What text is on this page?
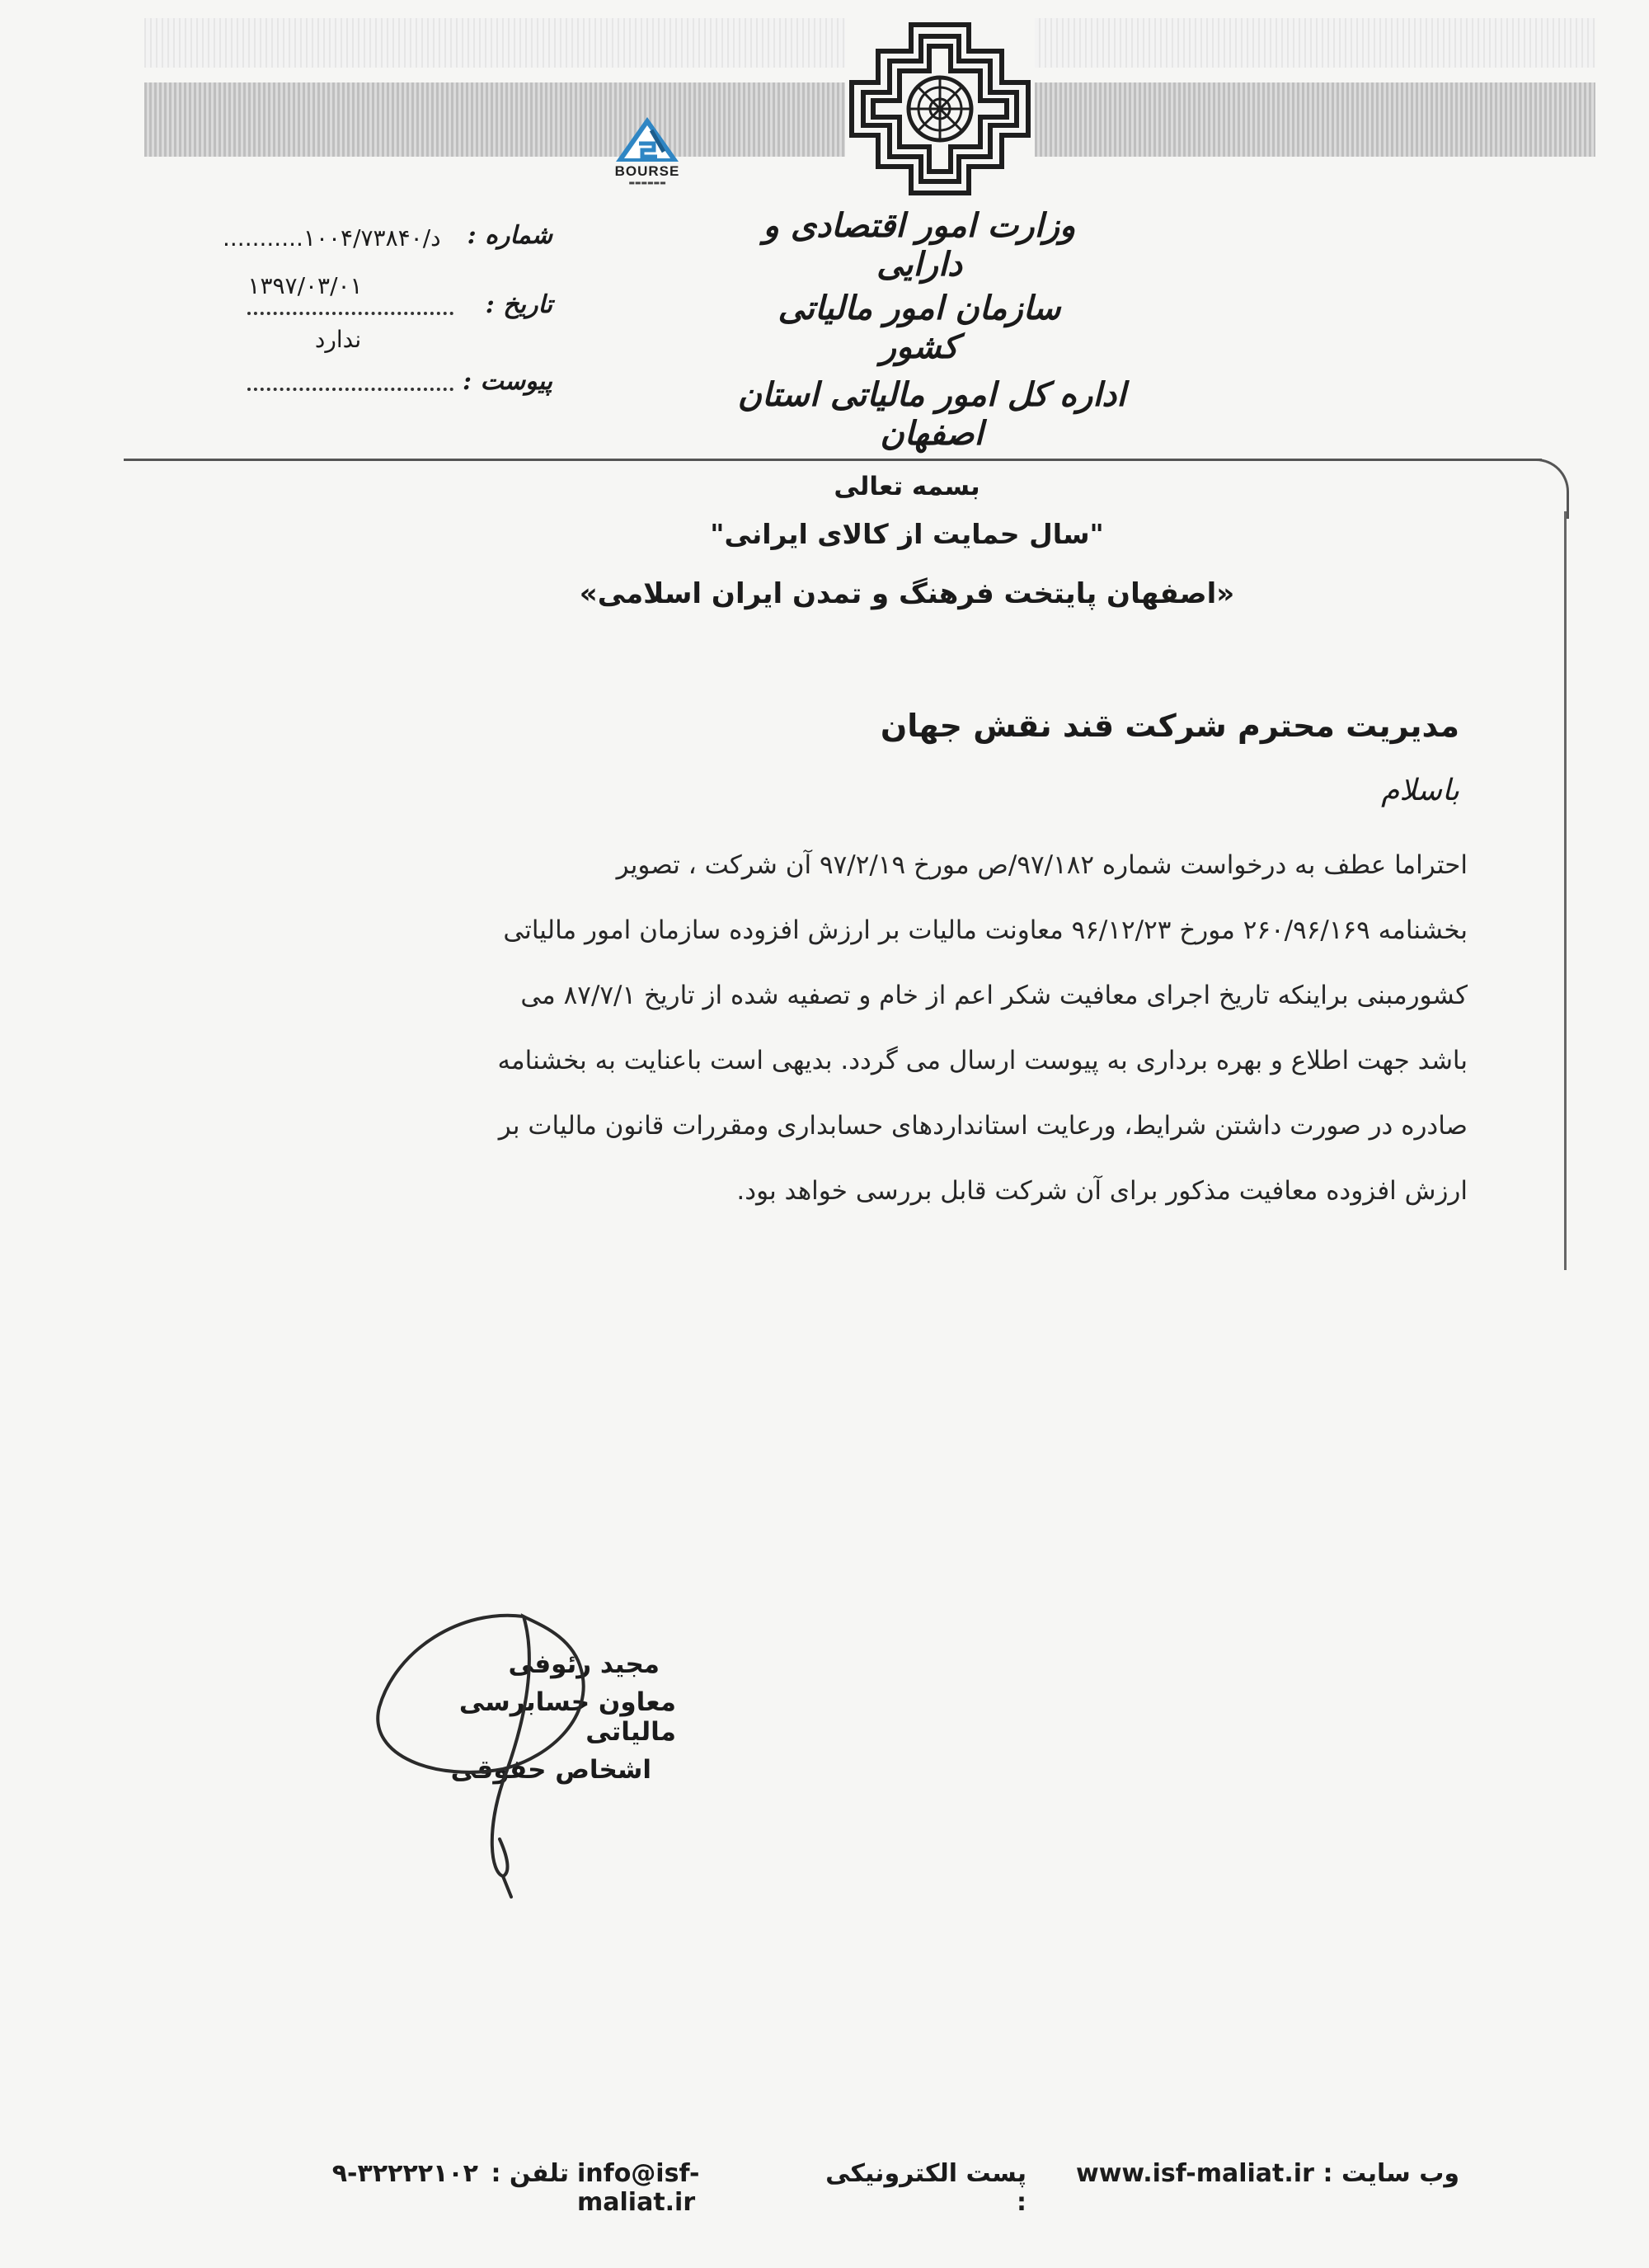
BOURSE
▬▬▬▬▬▬
وزارت امور اقتصادی و دارایی
سازمان امور مالیاتی کشور
اداره کل امور مالیاتی استان اصفهان
شماره :
د/۱۰۰۴/۷۳۸۴۰...........
تاریخ :
۱۳۹۷/۰۳/۰۱
ندارد
پیوست :
بسمه تعالی
"سال حمایت از کالای ایرانی"
«اصفهان پایتخت فرهنگ و تمدن ایران اسلامی»
مدیریت محترم شرکت قند نقش جهان
باسلام
احتراما عطف به درخواست شماره ۹۷/۱۸۲/ص مورخ ۹۷/۲/۱۹ آن شرکت ، تصویر
بخشنامه ۲۶۰/۹۶/۱۶۹ مورخ ۹۶/۱۲/۲۳ معاونت مالیات بر ارزش افزوده سازمان امور مالیاتی
کشورمبنی براینکه تاریخ اجرای معافیت شکر اعم از خام و تصفیه شده از تاریخ ۸۷/۷/۱ می
باشد جهت اطلاع و بهره برداری به پیوست ارسال می گردد. بدیهی است باعنایت به بخشنامه
صادره در صورت داشتن شرایط، ورعایت استانداردهای حسابداری ومقررات قانون مالیات بر
ارزش افزوده معافیت مذکور برای آن شرکت قابل بررسی خواهد بود.
مجید رئوفی
معاون حسابرسی مالیاتی
اشخاص حقوقی
وب سایت :
www.isf-maliat.ir
پست الکترونیکی :
info@isf-maliat.ir
تلفن :
۹-۳۲۲۲۲۱۰۲
